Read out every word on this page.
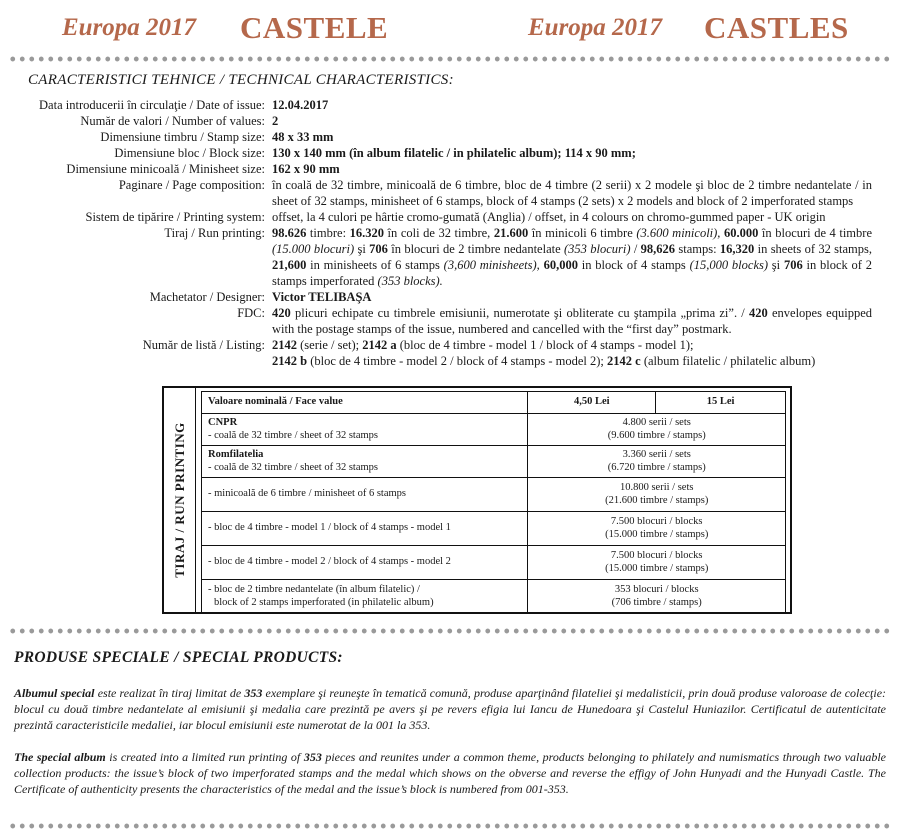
Europa 2017 CASTELE	Europa 2017 CASTLES
CARACTERISTICI TEHNICE / TECHNICAL CHARACTERISTICS:
Data introducerii în circulaţie / Date of issue: 12.04.2017
Număr de valori / Number of values: 2
Dimensiune timbru / Stamp size: 48 x 33 mm
Dimensiune bloc / Block size: 130 x 140 mm (în album filatelic / in philatelic album); 114 x 90 mm;
Dimensiune minicoală / Minisheet size: 162 x 90 mm
Paginare / Page composition: în coală de 32 timbre, minicoală de 6 timbre, bloc de 4 timbre (2 serii) x 2 modele şi bloc de 2 timbre nedantelate / in sheet of 32 stamps, minisheet of 6 stamps, block of 4 stamps (2 sets) x 2 models and block of 2 imperforated stamps
Sistem de tipărire / Printing system: offset, la 4 culori pe hârtie cromo-gumată (Anglia) / offset, in 4 colours on chromo-gummed paper - UK origin
Tiraj / Run printing: 98.626 timbre: 16.320 în coli de 32 timbre, 21.600 în minicoli 6 timbre (3.600 minicoli), 60.000 în blocuri de 4 timbre (15.000 blocuri) şi 706 în blocuri de 2 timbre nedantelate (353 blocuri) / 98,626 stamps: 16,320 in sheets of 32 stamps, 21,600 in minisheets of 6 stamps (3,600 minisheets), 60,000 in block of 4 stamps (15,000 blocks) şi 706 in block of 2 stamps imperforated (353 blocks).
Machetator / Designer: Victor TELIBAŞA
FDC: 420 plicuri echipate cu timbrele emisiunii, numerotate şi obliterate cu ştampila „prima zi”. / 420 envelopes equipped with the postage stamps of the issue, numbered and cancelled with the “first day” postmark.
Număr de listă / Listing: 2142 (serie / set); 2142 a (bloc de 4 timbre - model 1 / block of 4 stamps - model 1);
2142 b (bloc de 4 timbre - model 2 / block of 4 stamps - model 2); 2142 c (album filatelic / philatelic album)
TIRAJ / RUN PRINTING
Valoare nominală / Face value	4,50 Lei	15 Lei
CNPR
- coală de 32 timbre / sheet of 32 stamps	4.800 serii / sets
(9.600 timbre / stamps)	
Romfilatelia
- coală de 32 timbre / sheet of 32 stamps	3.360 serii / sets
(6.720 timbre / stamps)	
- minicoală de 6 timbre / minisheet of 6 stamps	10.800 serii / sets
(21.600 timbre / stamps)	
- bloc de 4 timbre - model 1 / block of 4 stamps - model 1	7.500 blocuri / blocks
(15.000 timbre / stamps)	
- bloc de 4 timbre - model 2 / block of 4 stamps - model 2	7.500 blocuri / blocks
(15.000 timbre / stamps)	
- bloc de 2 timbre nedantelate (în album filatelic) /
block of 2 stamps imperforated (in philatelic album)	353 blocuri / blocks
(706 timbre / stamps)	
PRODUSE SPECIALE / SPECIAL PRODUCTS:
Albumul special este realizat în tiraj limitat de 353 exemplare şi reuneşte în tematică comună, produse aparţinând filateliei şi medalisticii, prin două produse valoroase de colecţie: blocul cu două timbre nedantelate al emisiunii şi medalia care prezintă pe avers şi pe revers efigia lui Iancu de Hunedoara şi Castelul Huniazilor. Certificatul de autenticitate prezintă caracteristicile medaliei, iar blocul emisiunii este numerotat de la 001 la 353.
The special album is created into a limited run printing of 353 pieces and reunites under a common theme, products belonging to philately and numismatics through two valuable collection products: the issue’s block of two imperforated stamps and the medal which shows on the obverse and reverse the effigy of John Hunyadi and the Hunyadi Castle. The Certificate of authenticity presents the characteristics of the medal and the issue’s block is numbered from 001-353.
